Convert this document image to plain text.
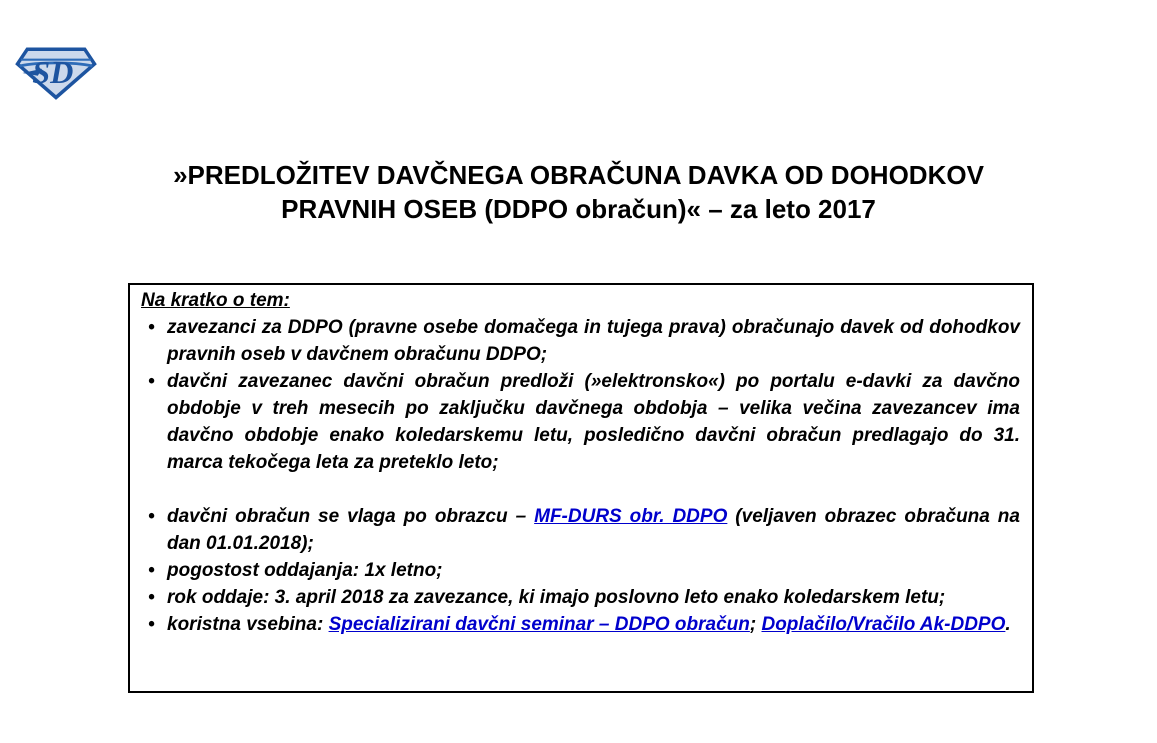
SD
»PREDLOŽITEV DAVČNEGA OBRAČUNA DAVKA OD DOHODKOV
PRAVNIH OSEB (DDPO obračun)« – za leto 2017
Na kratko o tem:
• zavezanci za DDPO (pravne osebe domačega in tujega prava) obračunajo davek od dohodkov pravnih oseb v davčnem obračunu DDPO;
• davčni zavezanec davčni obračun predloži (»elektronsko«) po portalu e-davki za davčno obdobje v treh mesecih po zaključku davčnega obdobja – velika večina zavezancev ima davčno obdobje enako koledarskemu letu, posledično davčni obračun predlagajo do 31. marca tekočega leta za preteklo leto;
• davčni obračun se vlaga po obrazcu – MF-DURS obr. DDPO (veljaven obrazec obračuna na dan 01.01.2018);
• pogostost oddajanja: 1x letno;
• rok oddaje: 3. april 2018 za zavezance, ki imajo poslovno leto enako koledarskem letu;
• koristna vsebina: Specializirani davčni seminar – DDPO obračun; Doplačilo/Vračilo Ak-DDPO.
